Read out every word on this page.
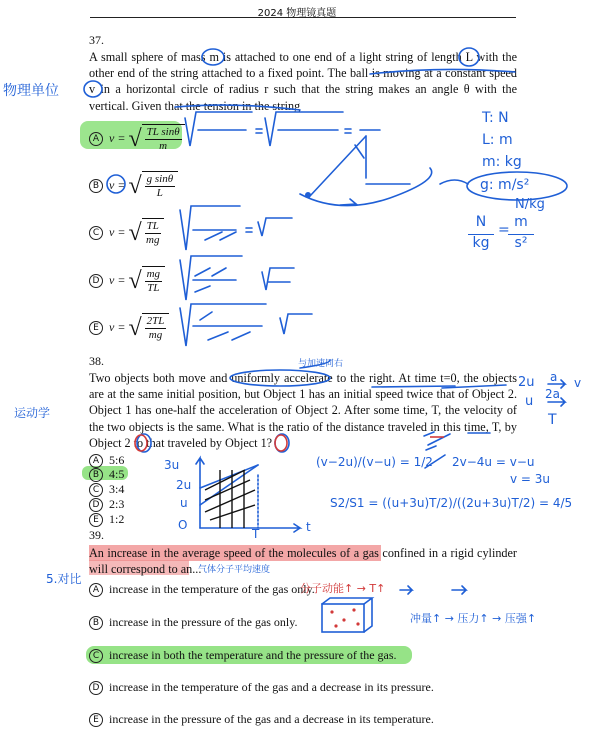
2024 物理镜真题
37.
A small sphere of mass m is attached to one end of a light string of length L with the other end of the string attached to a fixed point. The ball is moving at a constant speed v in a horizontal circle of radius r such that the string makes an angle θ with the vertical. Given that the tension in the string
A v = √ $\frac{\text{TL sinθ}}{m}$
B v = √ $\frac{\text{g sinθ}}{L}$
C v = √ $\frac{TL}{mg}$
D v = √ $\frac{mg}{TL}$
E v = √ $\frac{2TL}{mg}$
38.
Two objects both move and uniformly accelerate to the right. At time t=0, the objects are at the same initial position, but Object 1 has an initial speed twice that of Object 2. Object 1 has one-half the acceleration of Object 2. After some time, T, the velocity of the two objects is the same. What is the ratio of the distance traveled in this time, T, by Object 2 to that traveled by Object 1?
A 5:6
B 4:5
C 3:4
D 2:3
E 1:2
39.
An increase in the average speed of the molecules of a gas confined in a rigid cylinder will correspond to an...
A increase in the temperature of the gas only.
B increase in the pressure of the gas only.
C increase in both the temperature and the pressure of the gas.
D increase in the temperature of the gas and a decrease in its pressure.
E increase in the pressure of the gas and a decrease in its temperature.
物理单位
运动学
5.对比
与加速同右
气体分子平均速度
T: N
L: m
m: kg
g: m/s²
N/kg
N
kg
= m
s²
2u
u
a
2a
v
T
(v−2u)/(v−u) = 1/2 2v−4u = v−u
v = 3u
S2/S1 = ((u+3u)T/2)/((2u+3u)T/2) = 4/5
3u
2u
u
O
T	t
分子动能↑ → T↑
冲量↑ → 压力↑ → 压强↑
